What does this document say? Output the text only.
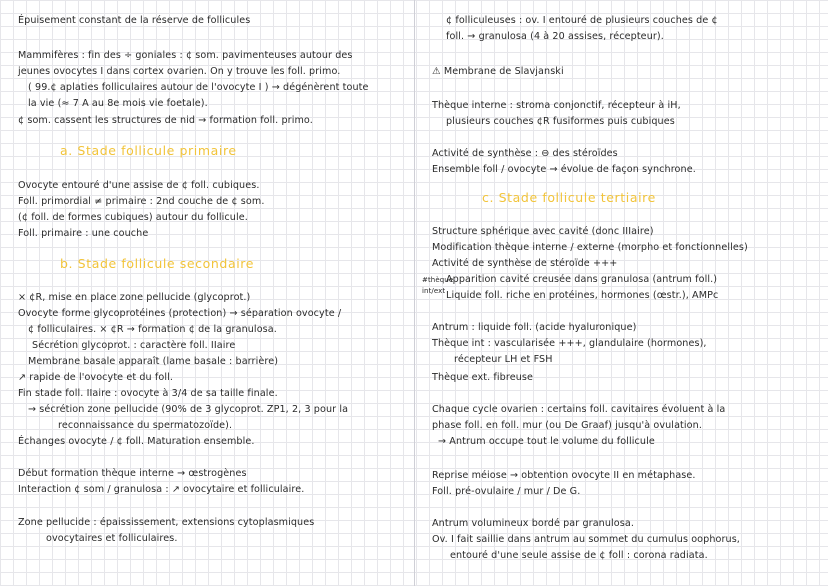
Épuisement constant de la réserve de follicules
Mammifères : fin des ÷ goniales : ¢ som. pavimenteuses autour des
jeunes ovocytes I dans cortex ovarien. On y trouve les foll. primo.
( 99.¢ aplaties folliculaires autour de l'ovocyte I ) → dégénèrent toute
la vie (≈ 7 A au 8e mois vie foetale).
¢ som. cassent les structures de nid → formation foll. primo.
a. Stade follicule primaire
Ovocyte entouré d'une assise de ¢ foll. cubiques.
Foll. primordial ≠ primaire : 2nd couche de ¢ som.
(¢ foll. de formes cubiques) autour du follicule.
Foll. primaire : une couche
b. Stade follicule secondaire
× ¢R, mise en place zone pellucide (glycoprot.)
Ovocyte forme glycoprotéines (protection) → séparation ovocyte /
¢ folliculaires. × ¢R → formation ¢ de la granulosa.
Sécrétion glycoprot. : caractère foll. IIaire
Membrane basale apparaît (lame basale : barrière)
↗ rapide de l'ovocyte et du foll.
Fin stade foll. IIaire : ovocyte à 3/4 de sa taille finale.
→ sécrétion zone pellucide (90% de 3 glycoprot. ZP1, 2, 3 pour la
reconnaissance du spermatozoïde).
Échanges ovocyte / ¢ foll. Maturation ensemble.
Début formation thèque interne → œstrogènes
Interaction ¢ som / granulosa : ↗ ovocytaire et folliculaire.
Zone pellucide : épaississement, extensions cytoplasmiques
ovocytaires et folliculaires.
¢ folliculeuses : ov. I entouré de plusieurs couches de ¢
foll. → granulosa (4 à 20 assises, récepteur).
⚠ Membrane de Slavjanski
Thèque interne : stroma conjonctif, récepteur à iH,
plusieurs couches ¢R fusiformes puis cubiques
Activité de synthèse : ⊖ des stéroïdes
Ensemble foll / ovocyte → évolue de façon synchrone.
c. Stade follicule tertiaire
Structure sphérique avec cavité (donc IIIaire)
Modification thèque interne / externe (morpho et fonctionnelles)
Activité de synthèse de stéroïde +++
#thèque
int/ext
Apparition cavité creusée dans granulosa (antrum foll.)
Liquide foll. riche en protéines, hormones (œstr.), AMPc
Antrum : liquide foll. (acide hyaluronique)
Thèque int : vascularisée +++, glandulaire (hormones),
récepteur LH et FSH
Thèque ext. fibreuse
Chaque cycle ovarien : certains foll. cavitaires évoluent à la
phase foll. en foll. mur (ou De Graaf) jusqu'à ovulation.
→ Antrum occupe tout le volume du follicule
Reprise méiose → obtention ovocyte II en métaphase.
Foll. pré-ovulaire / mur / De G.
Antrum volumineux bordé par granulosa.
Ov. I fait saillie dans antrum au sommet du cumulus oophorus,
entouré d'une seule assise de ¢ foll : corona radiata.
